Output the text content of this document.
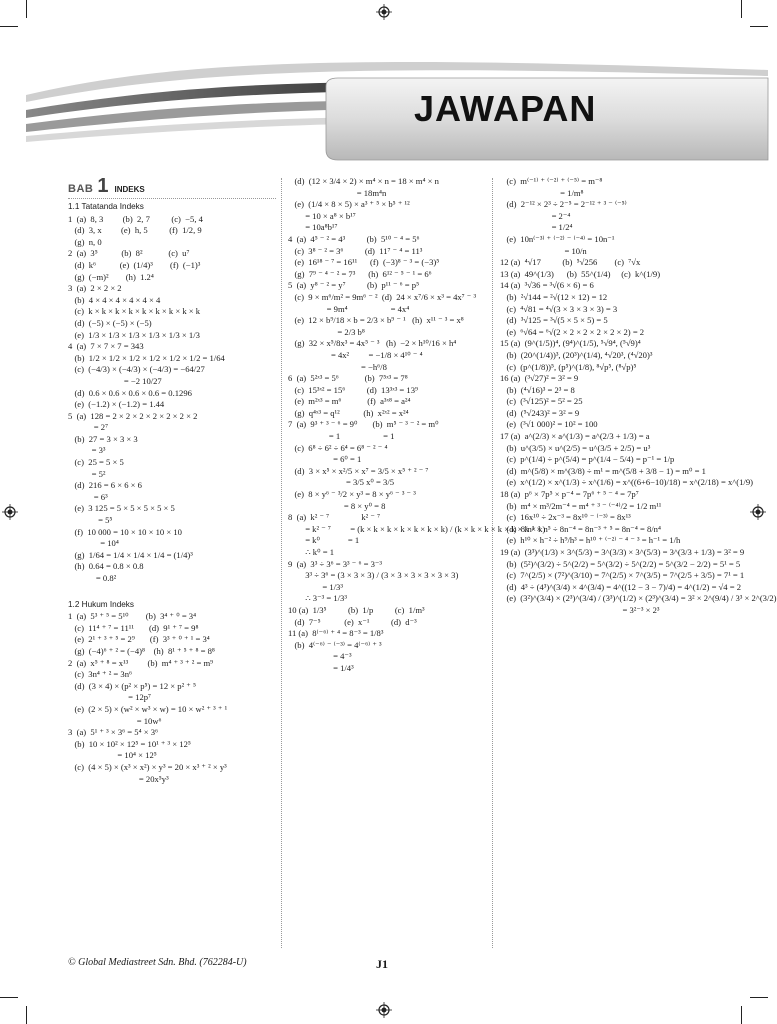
JAWAPAN
BAB 1 INDEKS
1.1 Tatatanda Indeks
1  (a)  8, 3         (b)  2, 7          (c)  −5, 4
(d)  3, x         (e)  h, 5          (f)  1/2, 9
(g)  n, 0
2  (a)  3⁵           (b)  8²            (c)  u⁷
(d)  k⁶           (e)  (1/4)³        (f)  (−1)³
(g)  (−m)²        (h)  1.2⁴
3  (a)  2 × 2 × 2
(b)  4 × 4 × 4 × 4 × 4 × 4
(c)  k × k × k × k × k × k × k × k × k
(d)  (−5) × (−5) × (−5)
(e)  1/3 × 1/3 × 1/3 × 1/3 × 1/3 × 1/3
4  (a)  7 × 7 × 7 = 343
(b)  1/2 × 1/2 × 1/2 × 1/2 × 1/2 × 1/2 = 1/64
(c)  (−4/3) × (−4/3) × (−4/3) = −64/27
= −2 10/27
(d)  0.6 × 0.6 × 0.6 × 0.6 = 0.1296
(e)  (−1.2) × (−1.2) = 1.44
5  (a)  128 = 2 × 2 × 2 × 2 × 2 × 2 × 2
= 2⁷
(b)  27 = 3 × 3 × 3
= 3³
(c)  25 = 5 × 5
= 5²
(d)  216 = 6 × 6 × 6
= 6³
(e)  3 125 = 5 × 5 × 5 × 5 × 5
= 5⁵
(f)  10 000 = 10 × 10 × 10 × 10
= 10⁴
(g)  1/64 = 1/4 × 1/4 × 1/4 = (1/4)³
(h)  0.64 = 0.8 × 0.8
= 0.8²
1.2 Hukum Indeks
1  (a)  5³ ⁺ ⁵ = 5¹⁰        (b)  3⁴ ⁺ ⁰ = 3⁴
(c)  11⁴ ⁺ ⁷ = 11¹¹       (d)  9¹ ⁺ ⁷ = 9⁸
(e)  2¹ ⁺ ³ ⁺ ⁵ = 2⁹       (f)  3³ ⁺ ⁰ ⁺ ¹ = 3⁴
(g)  (−4)⁶ ⁺ ² = (−4)⁸    (h)  8¹ ⁺ ⁵ ⁺ ⁸ = 8⁸
2  (a)  x⁵ ⁺ ⁸ = x¹³         (b)  m⁴ ⁺ ³ ⁺ ² = m⁹
(c)  3n⁴ ⁺ ² = 3n⁶
(d)  (3 × 4) × (p² × p⁵) = 12 × p² ⁺ ⁵
= 12p⁷
(e)  (2 × 5) × (w² × w³ × w) = 10 × w² ⁺ ³ ⁺ ¹
= 10w⁶
3  (a)  5¹ ⁺ ³ × 3⁶ = 5⁴ × 3⁶
(b)  10 × 10² × 12⁵ = 10¹ ⁺ ³ × 12⁵
= 10⁴ × 12⁵
(c)  (4 × 5) × (x³ × x²) × y³ = 20 × x³ ⁺ ² × y³
= 20x⁵y³
(d)  (12 × 3/4 × 2) × m⁴ × n = 18 × m⁴ × n
= 18m⁴n
(e)  (1/4 × 8 × 5) × a³ ⁺ ⁵ × b⁵ ⁺ ¹²
= 10 × a⁸ × b¹⁷
= 10a⁸b¹⁷
4  (a)  4⁵ ⁻ ² = 4³          (b)  5¹⁰ ⁻ ⁴ = 5⁶
(c)  3⁸ ⁻ ² = 3⁶          (d)  11⁷ ⁻ ⁴ = 11³
(e)  16¹⁸ ⁻ ⁷ = 16¹¹      (f)  (−3)⁸ ⁻ ³ = (−3)⁵
(g)  7⁹ ⁻ ⁴ ⁻ ² = 7³      (h)  6¹² ⁻ ⁵ ⁻ ¹ = 6⁶
5  (a)  y⁸ ⁻ ² = y⁷          (b)  p¹¹ ⁻ ⁶ = p⁵
(c)  9 × m⁶/m² = 9m⁶ ⁻ ²  (d)  24 × x⁷/6 × x³ = 4x⁷ ⁻ ³
= 9m⁴                    = 4x⁴
(e)  12 × b⁹/18 × b = 2/3 × b⁹ ⁻ ¹   (h)  x¹¹ ⁻ ³ = x⁸
= 2/3 b⁸
(g)  32 × x⁵/8x³ = 4x⁵ ⁻ ³   (h)  −2 × h¹⁰/16 × h⁴
= 4x²         = −1/8 × 4¹⁰ ⁻ ⁴
= −h⁶/8
6  (a)  5²ˣ³ = 5⁶            (b)  7⁵ˣ³ = 7⁸
(c)  15³ˣ² = 15⁶          (d)  13³ˣ³ = 13⁹
(e)  m²ˣ³ = m⁶            (f)  a³ˣ⁸ = a²⁴
(g)  q⁴ˣ³ = q¹²           (h)  x²ˣ² = x²⁴
7  (a)  9³ ⁺ ³ ⁻ ⁶ = 9⁰       (b)  m⁵ ⁻ ³ ⁻ ² = m⁰
= 1                    = 1
(c)  6⁸ ÷ 6² ÷ 6⁴ = 6⁸ ⁻ ² ⁻ ⁴
= 6⁰ = 1
(d)  3 × x⁵ × x²/5 × x⁷ = 3/5 × x⁵ ⁺ ² ⁻ ⁷
= 3/5 x⁰ = 3/5
(e)  8 × y⁶ ⁻ ³/2 × y³ = 8 × y⁶ ⁻ ³ ⁻ ³
= 8 × y⁰ = 8
8  (a)  k² ⁻ ⁷               k² ⁻ ⁷
= k² ⁻ ⁷         = (k × k × k × k × k × k × k) / (k × k × k × k × k × k × k)
= k⁰             = 1
∴ k⁰ = 1
9  (a)  3³ ÷ 3⁶ = 3³ ⁻ ⁶ = 3⁻³
3³ ÷ 3⁶ = (3 × 3 × 3) / (3 × 3 × 3 × 3 × 3 × 3)
= 1/3³
∴ 3⁻³ = 1/3³
10 (a)  1/3⁵          (b)  1/p          (c)  1/m³
(d)  7⁻⁵           (e)  x⁻¹          (d)  d⁻³
11 (a)  8⁽⁻⁶⁾ ⁺ ⁴ = 8⁻³ = 1/8³
(b)  4⁽⁻⁶⁾ ⁻ ⁽⁻³⁾ = 4⁽⁻⁶⁾ ⁺ ³
= 4⁻³
= 1/4³
(c)  m⁽⁻¹⁾ ⁺ ⁽⁻²⁾ ⁺ ⁽⁻⁵⁾ = m⁻⁸
= 1/m⁸
(d)  2⁻¹² × 2³ ÷ 2⁻⁵ = 2⁻¹² ⁺ ³ ⁻ ⁽⁻⁵⁾
= 2⁻⁴
= 1/2⁴
(e)  10n⁽⁻³⁾ ⁺ ⁽⁻²⁾ ⁻ ⁽⁻⁴⁾ = 10n⁻¹
= 10/n
12 (a)  ⁴√17          (b)  ⁵√256        (c)  ⁷√x
13 (a)  49^(1/3)      (b)  55^(1/4)     (c)  k^(1/9)
14 (a)  ³√36 = ³√(6 × 6) = 6
(b)  ²√144 = ²√(12 × 12) = 12
(c)  ⁴√81 = ⁴√(3 × 3 × 3 × 3) = 3
(d)  ³√125 = ³√(5 × 5 × 5) = 5
(e)  ⁶√64 = ⁶√(2 × 2 × 2 × 2 × 2 × 2) = 2
15 (a)  (9^(1/5))⁴, (9⁴)^(1/5), ⁵√9⁴, (⁵√9)⁴
(b)  (20^(1/4))³, (20³)^(1/4), ⁴√20³, (⁴√20)³
(c)  (p^(1/8))⁵, (p⁵)^(1/8), ⁸√p⁵, (⁸√p)⁵
16 (a)  (³√27)² = 3² = 9
(b)  (⁴√16)³ = 2³ = 8
(c)  (³√125)² = 5² = 25
(d)  (⁵√243)² = 3² = 9
(e)  (³√1 000)² = 10² = 100
17 (a)  a^(2/3) × a^(1/3) = a^(2/3 + 1/3) = a
(b)  u^(3/5) × u^(2/5) = u^(3/5 + 2/5) = u³
(c)  p^(1/4) ÷ p^(5/4) = p^(1/4 − 5/4) = p⁻¹ = 1/p
(d)  m^(5/8) × m^(3/8) ÷ m¹ = m^(5/8 + 3/8 − 1) = m⁰ = 1
(e)  x^(1/2) × x^(1/3) ÷ x^(1/6) = x^((6+6−10)/18) = x^(2/18) = x^(1/9)
18 (a)  p⁶ × 7p⁵ × p⁻⁴ = 7p⁶ ⁺ ⁵ ⁻ ⁴ = 7p⁷
(b)  m⁴ × m³/2m⁻⁴ = m⁴ ⁺ ³ ⁻ ⁽⁻⁴⁾/2 = 1/2 m¹¹
(c)  16x¹⁰ ÷ 2x⁻³ = 8x¹⁰ ⁻ ⁽⁻³⁾ = 8x¹³
(d)  8/n³ × n⁵ ÷ 8n⁻⁴ = 8n⁻³ ⁺ ⁵ = 8n⁻⁴ = 8/n⁴
(e)  h¹⁰ × h⁻² ÷ h⁹/h³ = h¹⁰ ⁺ ⁽⁻²⁾ ⁻ ⁴ ⁻ ³ = h⁻¹ = 1/h
19 (a)  (3³)^(1/3) × 3^(5/3) = 3^(3/3) × 3^(5/3) = 3^(3/3 + 1/3) = 3² = 9
(b)  (5²)^(3/2) ÷ 5^(2/2) = 5^(3/2) ÷ 5^(2/2) = 5^(3/2 − 2/2) = 5¹ = 5
(c)  7^(2/5) × (7²)^(3/10) = 7^(2/5) × 7^(3/5) = 7^(2/5 + 3/5) = 7¹ = 1
(d)  4³ ÷ (4³)^(3/4) × 4^(3/4) = 4^((12 − 3 − 7)/4) = 4^(1/2) = √4 = 2
(e)  (3²)^(3/4) × (2³)^(3/4) / (3³)^(1/2) × (2³)^(3/4) = 3² × 2^(9/4) / 3³ × 2^(3/2)
= 3²⁻³ × 2³
© Global Mediastreet Sdn. Bhd. (762284-U)	J1
